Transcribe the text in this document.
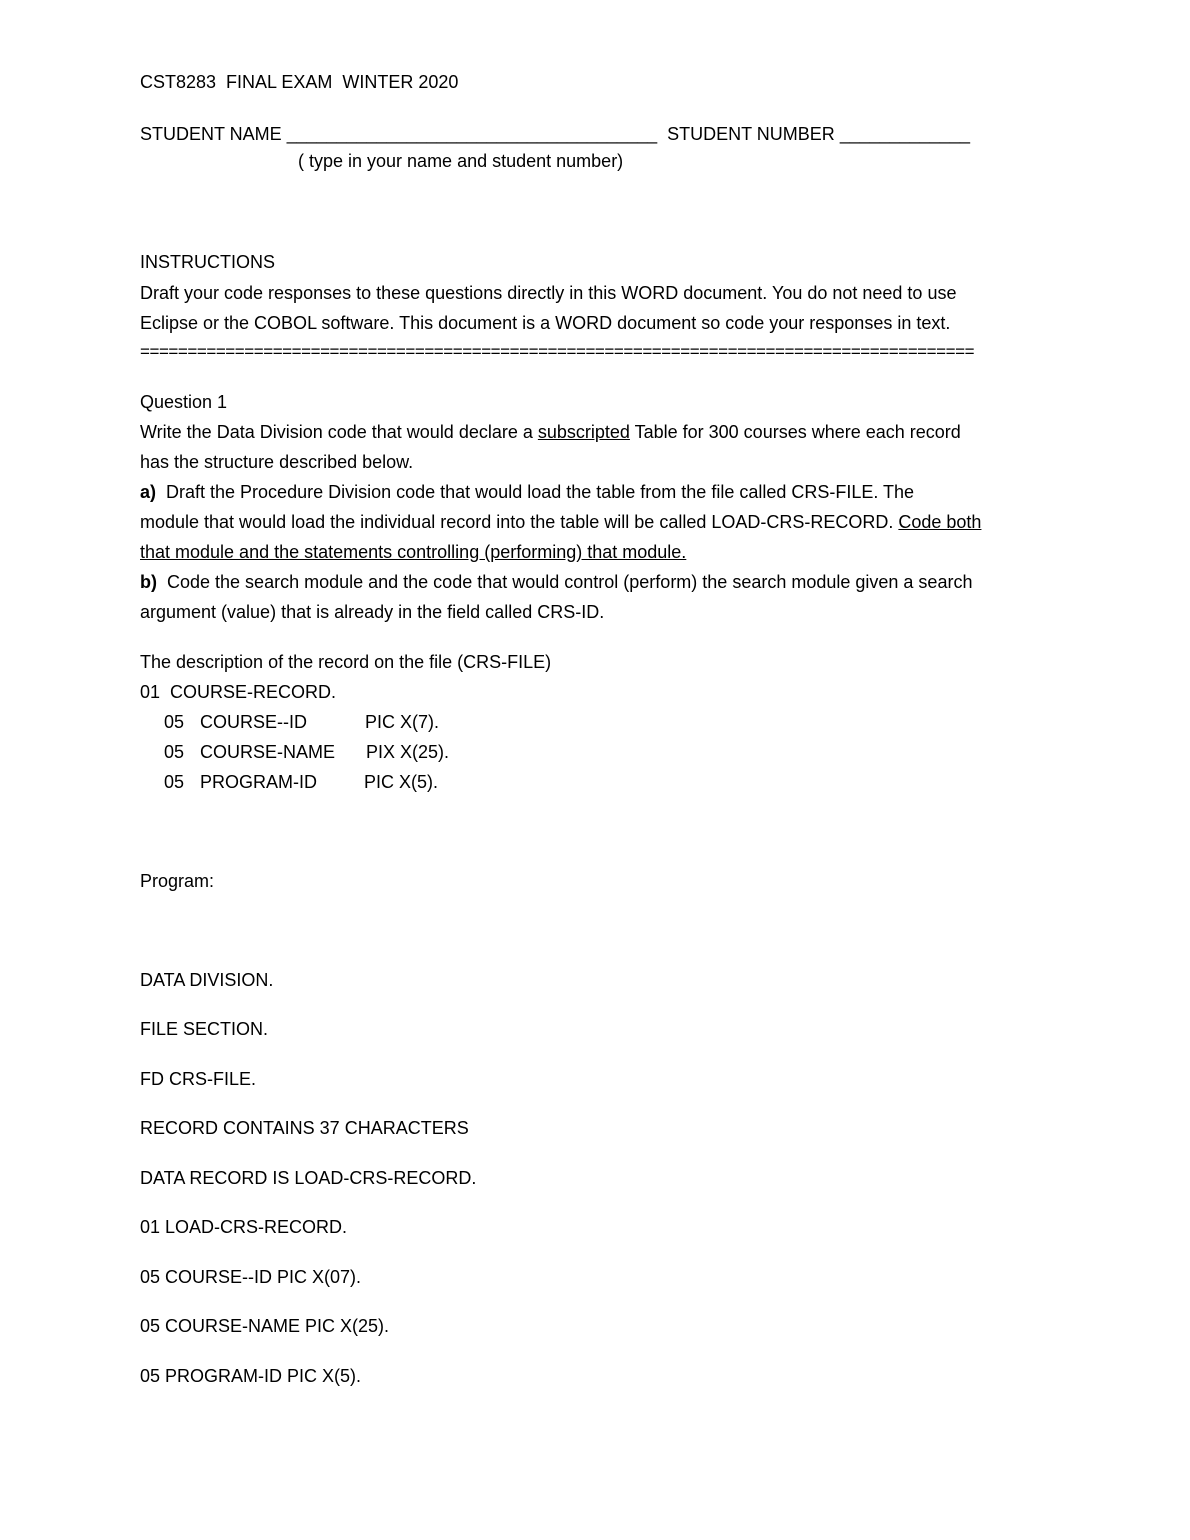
CST8283  FINAL EXAM  WINTER 2020
STUDENT NAME _____________________________________ STUDENT NUMBER _____________
( type in your name and student number)
INSTRUCTIONS
Draft your code responses to these questions directly in this WORD document. You do not need to use
Eclipse or the COBOL software. This document is a WORD document so code your responses in text.
========================================================================================
Question 1
Write the Data Division code that would declare a subscripted Table for 300 courses where each record
has the structure described below.
a)  Draft the Procedure Division code that would load the table from the file called CRS-FILE. The
module that would load the individual record into the table will be called LOAD-CRS-RECORD. Code both
that module and the statements controlling (performing) that module.
b)  Code the search module and the code that would control (perform) the search module given a search
argument (value) that is already in the field called CRS-ID.
The description of the record on the file (CRS-FILE)
01  COURSE-RECORD.
05 COURSE--ID	PIC X(7).
05 COURSE-NAME PIX X(25).
05 PROGRAM-ID	PIC X(5).
Program:
DATA DIVISION.
FILE SECTION.
FD CRS-FILE.
RECORD CONTAINS 37 CHARACTERS
DATA RECORD IS LOAD-CRS-RECORD.
01 LOAD-CRS-RECORD.
05 COURSE--ID PIC X(07).
05 COURSE-NAME PIC X(25).
05 PROGRAM-ID PIC X(5).
